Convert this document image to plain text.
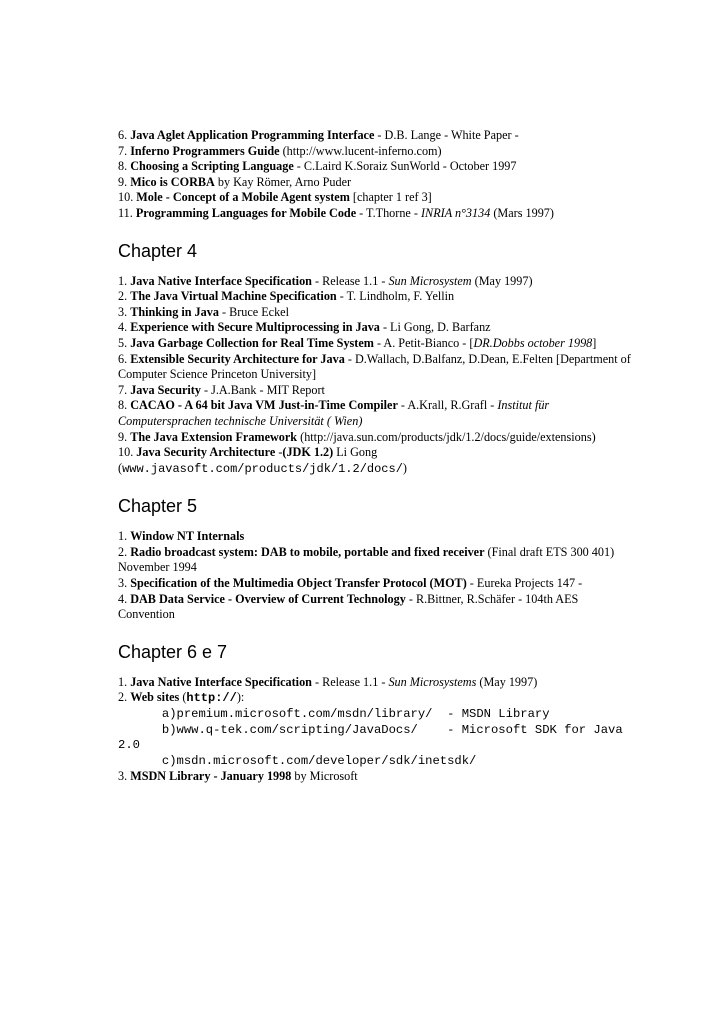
6. Java Aglet Application Programming Interface - D.B. Lange - White Paper -
7. Inferno Programmers Guide (http://www.lucent-inferno.com)
8. Choosing a Scripting Language - C.Laird K.Soraiz SunWorld - October 1997
9. Mico is CORBA by Kay Römer, Arno Puder
10. Mole - Concept of a Mobile Agent system [chapter 1 ref 3]
11. Programming Languages for Mobile Code - T.Thorne - INRIA n°3134 (Mars 1997)
Chapter 4
1. Java Native Interface Specification - Release 1.1 - Sun Microsystem (May 1997)
2. The Java Virtual Machine Specification - T. Lindholm, F. Yellin
3. Thinking in Java - Bruce Eckel
4. Experience with Secure Multiprocessing in Java - Li Gong, D. Barfanz
5. Java Garbage Collection for Real Time System - A. Petit-Bianco - [DR.Dobbs october 1998]
6. Extensible Security Architecture for Java - D.Wallach, D.Balfanz, D.Dean, E.Felten [Department of Computer Science Princeton University]
7. Java Security - J.A.Bank - MIT Report
8. CACAO - A 64 bit Java VM Just-in-Time Compiler - A.Krall, R.Grafl - Institut für Computersprachen technische Universität ( Wien)
9. The Java Extension Framework (http://java.sun.com/products/jdk/1.2/docs/guide/extensions)
10. Java Security Architecture -(JDK 1.2) Li Gong
(www.javasoft.com/products/jdk/1.2/docs/)
Chapter 5
1. Window NT Internals
2. Radio broadcast system: DAB to mobile, portable and fixed receiver (Final draft ETS 300 401) November 1994
3. Specification of the Multimedia Object Transfer Protocol (MOT) - Eureka Projects 147 -
4. DAB Data Service - Overview of Current Technology - R.Bittner, R.Schäfer - 104th AES Convention
Chapter 6 e 7
1. Java Native Interface Specification - Release 1.1 - Sun Microsystems (May 1997)
2. Web sites (http://):
a)premium.microsoft.com/msdn/library/  - MSDN Library
b)www.q-tek.com/scripting/JavaDocs/    - Microsoft SDK for Java
2.0
c)msdn.microsoft.com/developer/sdk/inetsdk/
3. MSDN Library - January 1998 by Microsoft
